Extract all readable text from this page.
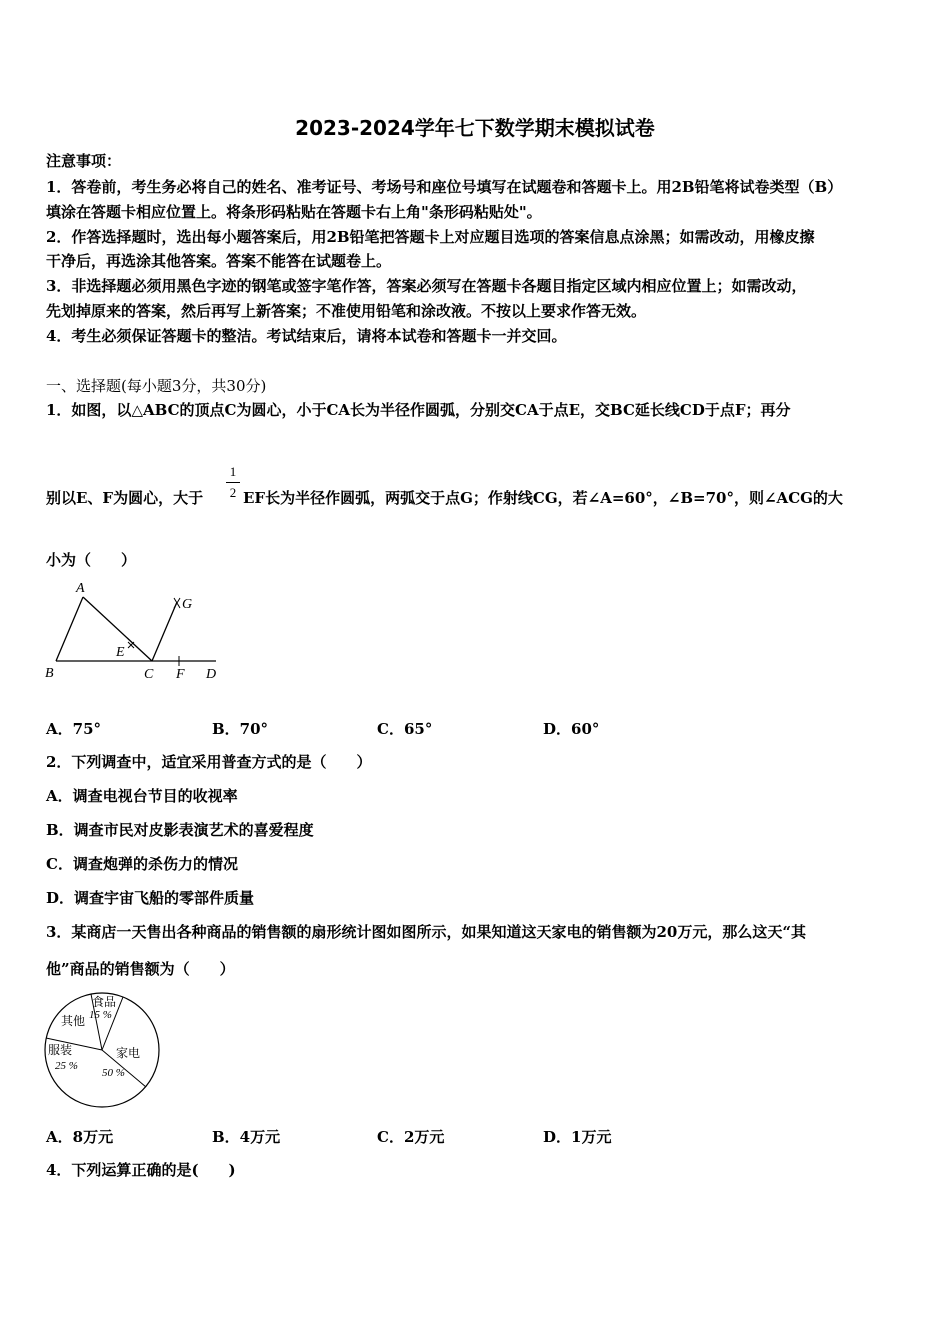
2023-2024学年七下数学期末模拟试卷
注意事项：
1．答卷前，考生务必将自己的姓名、准考证号、考场号和座位号填写在试题卷和答题卡上。用2B铅笔将试卷类型（B）
填涂在答题卡相应位置上。将条形码粘贴在答题卡右上角"条形码粘贴处"。
2．作答选择题时，选出每小题答案后，用2B铅笔把答题卡上对应题目选项的答案信息点涂黑；如需改动，用橡皮擦
干净后，再选涂其他答案。答案不能答在试题卷上。
3．非选择题必须用黑色字迹的钢笔或签字笔作答，答案必须写在答题卡各题目指定区域内相应位置上；如需改动，
先划掉原来的答案，然后再写上新答案；不准使用铅笔和涂改液。不按以上要求作答无效。
4．考生必须保证答题卡的整洁。考试结束后，请将本试卷和答题卡一并交回。
一、选择题(每小题3分，共30分)
1．如图，以△ABC的顶点C为圆心，小于CA长为半径作圆弧，分别交CA于点E，交BC延长线CD于点F；再分
别以E、F为圆心，大于
1
2 EF长为半径作圆弧，两弧交于点G；作射线CG，若∠A=60°，∠B=70°，则∠ACG的大
小为（　　）
A
B	C	D
E
F
G
A．75°	B．70°	C．65°	D．60°
2．下列调查中，适宜采用普查方式的是（　　）
A．调查电视台节目的收视率
B．调查市民对皮影表演艺术的喜爱程度
C．调查炮弹的杀伤力的情况
D．调查宇宙飞船的零部件质量
3．某商店一天售出各种商品的销售额的扇形统计图如图所示，如果知道这天家电的销售额为20万元，那么这天“其
他”商品的销售额为（　　）
食品
15 %
其他
服装
25 %
家电
50 %
A．8万元	B．4万元	C．2万元	D．1万元
4．下列运算正确的是(　　)
